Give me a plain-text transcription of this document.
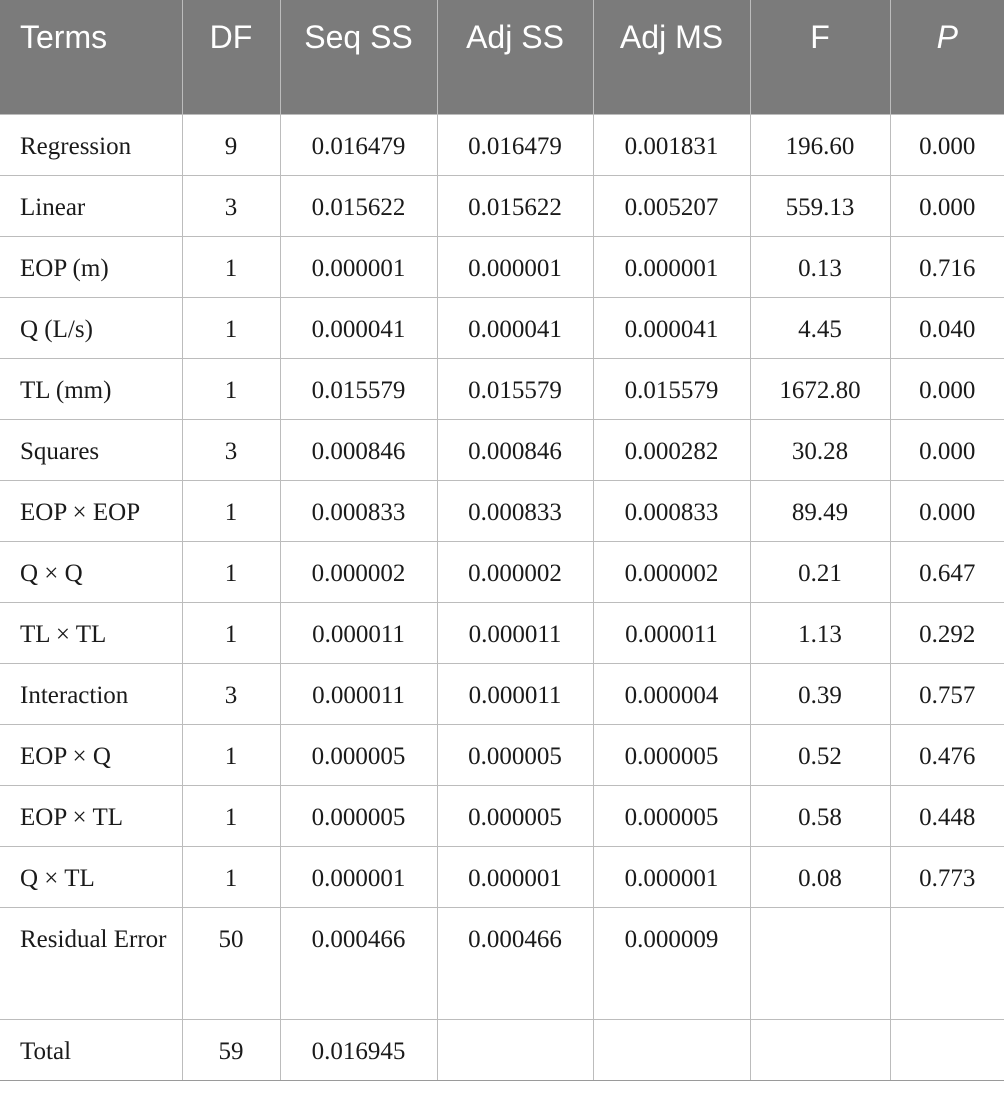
Terms	DF	Seq SS	Adj SS	Adj MS	F	P
Regression	9	0.016479	0.016479	0.001831	196.60	0.000
Linear	3	0.015622	0.015622	0.005207	559.13	0.000
EOP (m)	1	0.000001	0.000001	0.000001	0.13	0.716
Q (L/s)	1	0.000041	0.000041	0.000041	4.45	0.040
TL (mm)	1	0.015579	0.015579	0.015579	1672.80	0.000
Squares	3	0.000846	0.000846	0.000282	30.28	0.000
EOP × EOP	1	0.000833	0.000833	0.000833	89.49	0.000
Q × Q	1	0.000002	0.000002	0.000002	0.21	0.647
TL × TL	1	0.000011	0.000011	0.000011	1.13	0.292
Interaction	3	0.000011	0.000011	0.000004	0.39	0.757
EOP × Q	1	0.000005	0.000005	0.000005	0.52	0.476
EOP × TL	1	0.000005	0.000005	0.000005	0.58	0.448
Q × TL	1	0.000001	0.000001	0.000001	0.08	0.773
Residual Error	50	0.000466	0.000466	0.000009		
Total	59	0.016945				
